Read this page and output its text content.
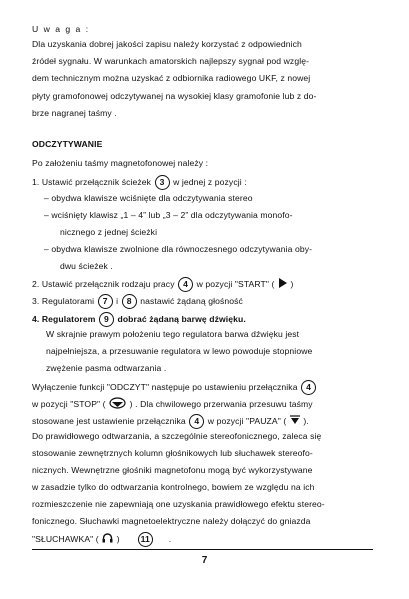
U w a g a :
Dla uzyskania dobrej jakości zapisu należy korzystać z odpowiednich
źródeł sygnału. W warunkach amatorskich najlepszy sygnał pod wzglę-
dem technicznym można uzyskać z odbiornika radiowego UKF, z nowej
płyty gramofonowej odczytywanej na wysokiej klasy gramofonie lub z do-
brze nagranej taśmy .
ODCZYTYWANIE
Po założeniu taśmy magnetofonowej należy :
1. Ustawić przełącznik ścieżek 3 w jednej z pozycji :
– obydwa klawisze wciśnięte dla odczytywania stereo
– wciśnięty klawisz „1 – 4” lub „3 – 2” dla odczytywania monofo-
nicznego z jednej ścieżki
– obydwa klawisze zwolnione dla równoczesnego odczytywania oby-
dwu ścieżek .
2. Ustawić przełącznik rodzaju pracy 4 w pozycji "START" ( )
3. Regulatorami 7 i 8 nastawić żądaną głośność
4. Regulatorem 9 dobrać żądaną barwę dźwięku.
W skrajnie prawym położeniu tego regulatora barwa dźwięku jest
najpełniejsza, a przesuwanie regulatora w lewo powoduje stopniowe
zwężenie pasma odtwarzania .
Wyłączenie funkcji "ODCZYT" następuje po ustawieniu przełącznika 4
w pozycji "STOP" (	) . Dla chwilowego przerwania przesuwu taśmy
stosowane jest ustawienie przełącznika 4 w pozycji "PAUZA" ( ).
Do prawidłowego odtwarzania, a szczególnie stereofonicznego, zaleca się
stosowanie zewnętrznych kolumn głośnikowych lub słuchawek stereofo-
nicznych. Wewnętrzne głośniki magnetofonu mogą być wykorzystywane
w zasadzie tylko do odtwarzania kontrolnego, bowiem ze względu na ich
rozmieszczenie nie zapewniają one uzyskania prawidłowego efektu stereo-
fonicznego. Słuchawki magnetoelektryczne należy dołączyć do gniazda
"SŁUCHAWKA" ( ) 11 .
7
